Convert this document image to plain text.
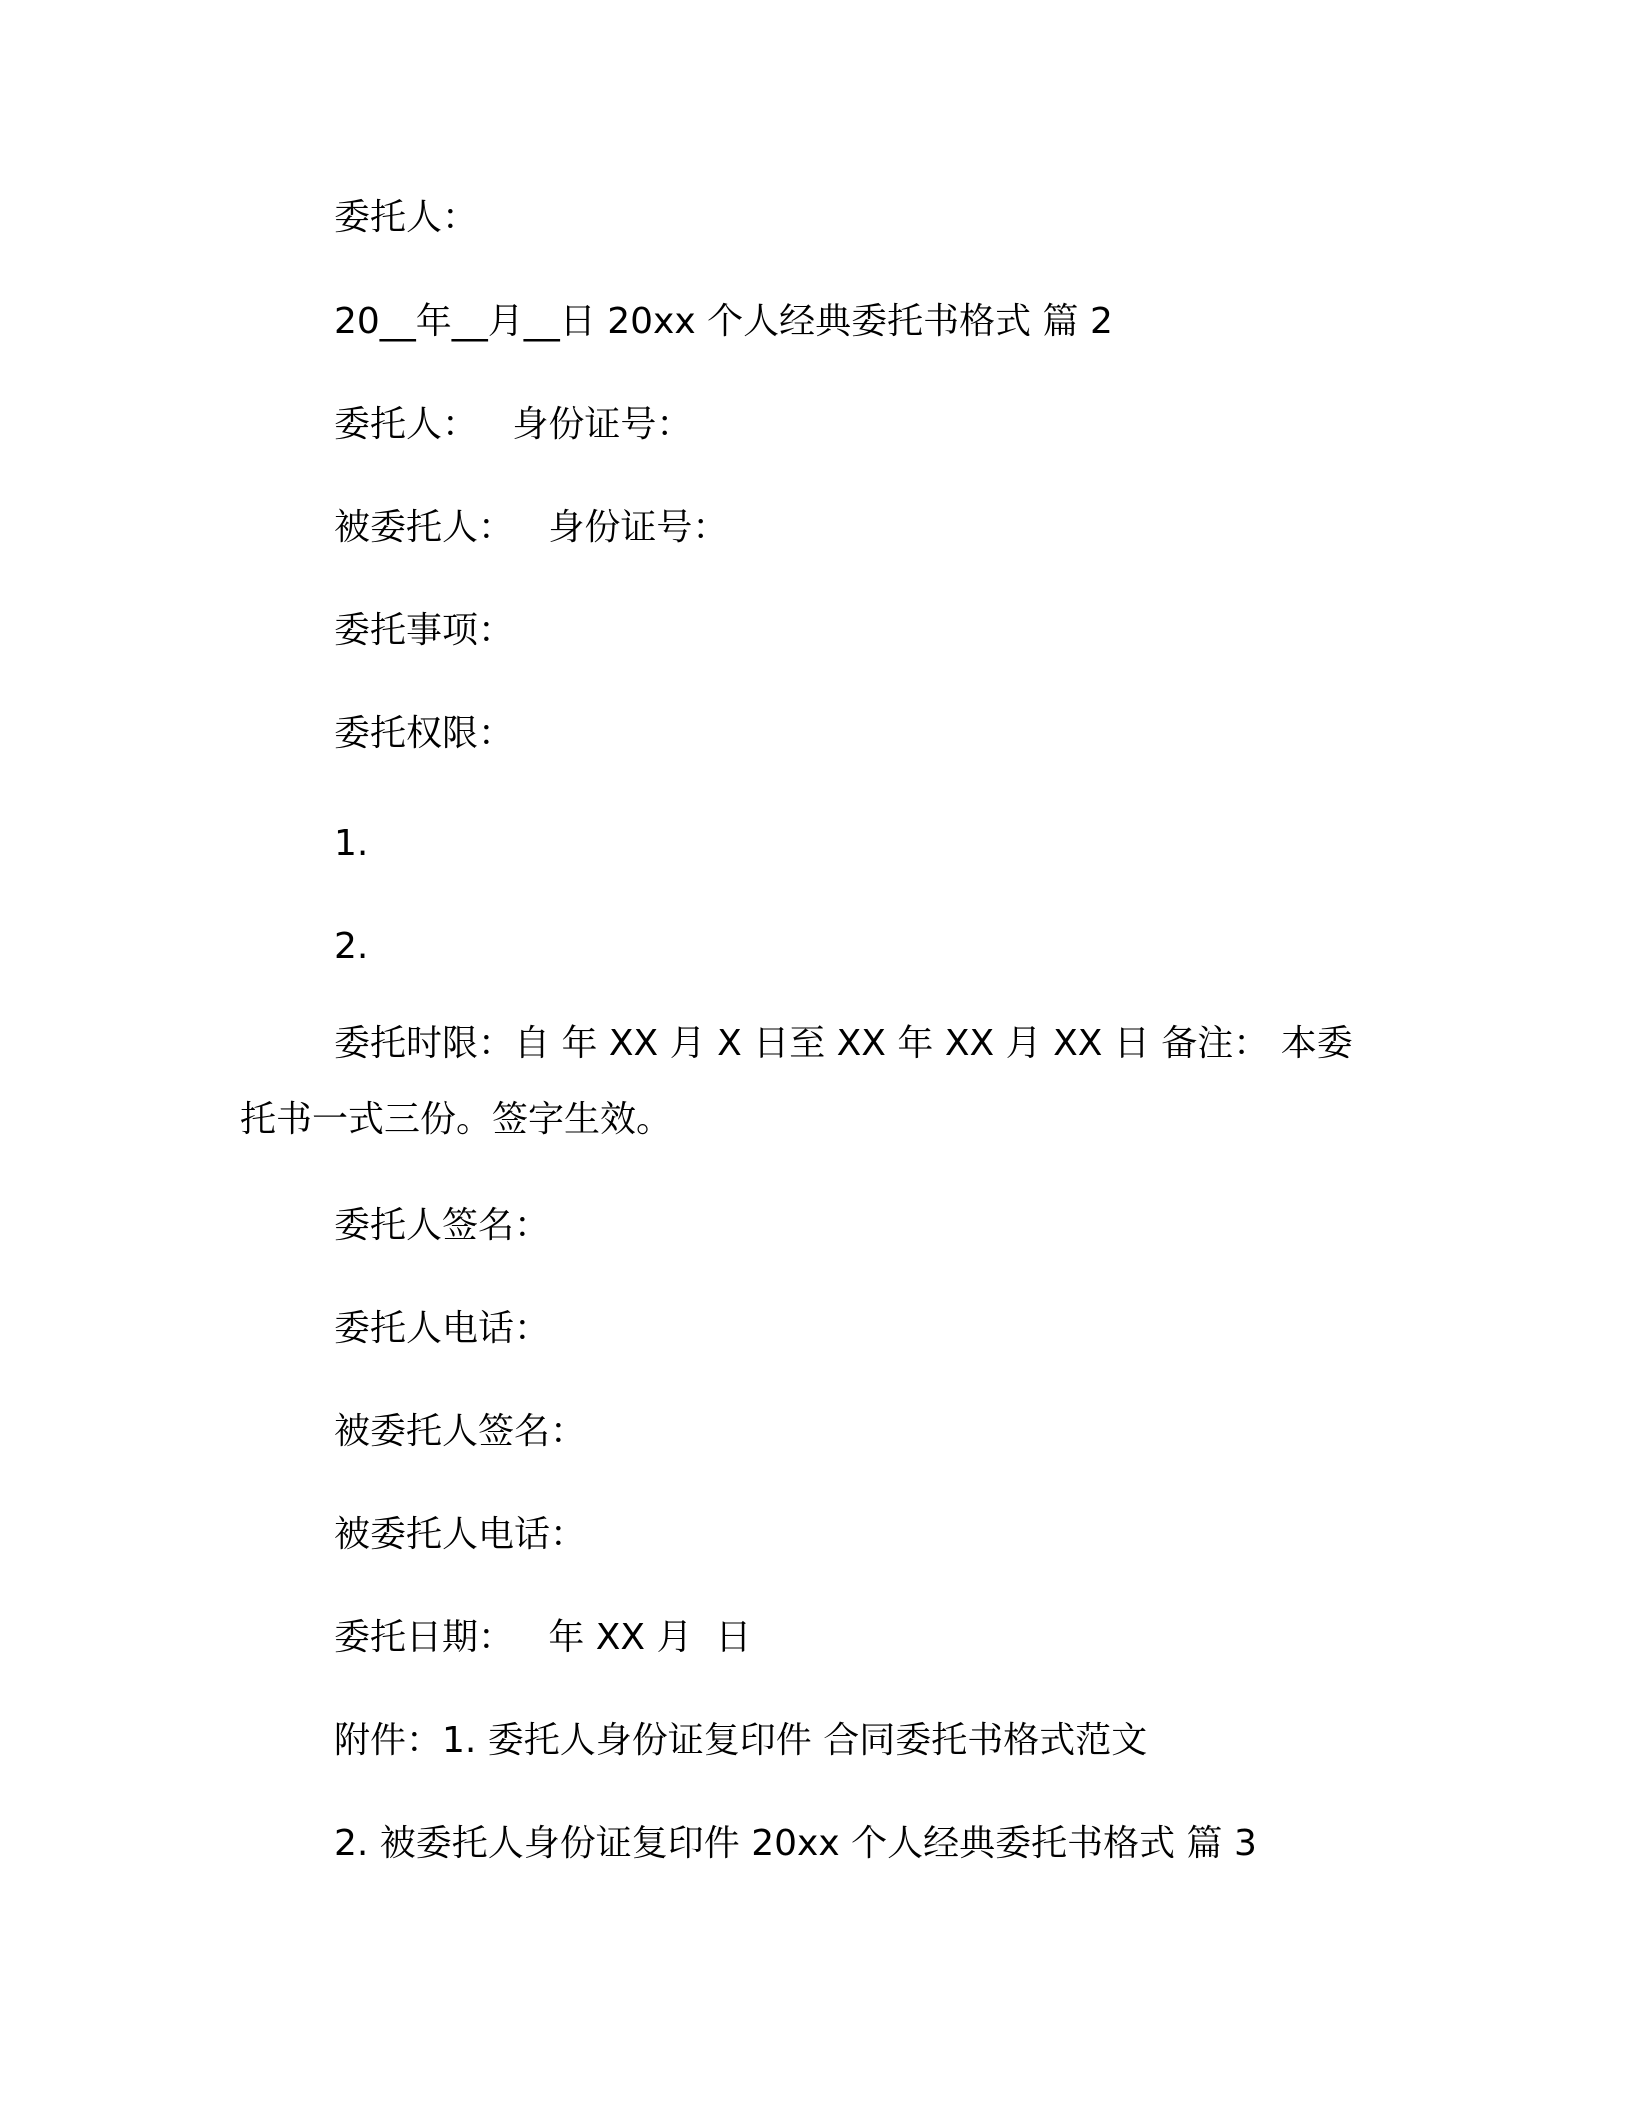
委托人：
20__年__月__日 20xx 个人经典委托书格式 篇 2
委托人：   身份证号：
被委托人：   身份证号：
委托事项：
委托权限：
1.
2.
委托时限：自 年 XX 月 X 日至 XX 年 XX 月 XX 日 备注： 本委托书一式三份。签字生效。
委托人签名：
委托人电话：
被委托人签名：
被委托人电话：
委托日期：   年 XX 月  日
附件：1. 委托人身份证复印件 合同委托书格式范文
2. 被委托人身份证复印件 20xx 个人经典委托书格式 篇 3
